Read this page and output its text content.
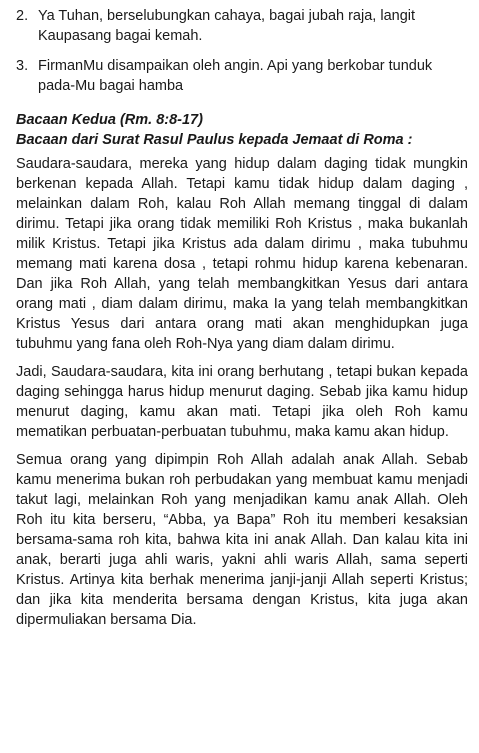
2. Ya Tuhan, berselubungkan cahaya, bagai jubah raja, langit Kaupasang bagai kemah.
3. FirmanMu disampaikan oleh angin. Api yang berkobar tunduk pada-Mu bagai hamba
Bacaan Kedua (Rm. 8:8-17)
Bacaan dari Surat Rasul Paulus kepada Jemaat di Roma :

Saudara-saudara, mereka yang hidup dalam daging tidak mungkin berkenan kepada Allah. Tetapi kamu tidak hidup dalam daging , melainkan dalam Roh, kalau Roh Allah memang tinggal di dalam dirimu. Tetapi jika orang tidak memiliki Roh Kristus , maka bukanlah milik Kristus. Tetapi jika Kristus ada dalam dirimu , maka tubuhmu memang mati karena dosa , tetapi rohmu hidup karena kebenaran. Dan jika Roh Allah, yang telah membangkitkan Yesus dari antara orang mati , diam dalam dirimu, maka Ia yang telah membangkitkan Kristus Yesus dari antara orang mati akan menghidupkan juga tubuhmu yang fana oleh Roh-Nya yang diam dalam dirimu.

Jadi, Saudara-saudara, kita ini orang berhutang , tetapi bukan kepada daging sehingga harus hidup menurut daging. Sebab jika kamu hidup menurut daging, kamu akan mati. Tetapi jika oleh Roh kamu mematikan perbuatan-perbuatan tubuhmu, maka kamu akan hidup.

Semua orang yang dipimpin Roh Allah adalah anak Allah. Sebab kamu menerima bukan roh perbudakan yang membuat kamu menjadi takut lagi, melainkan Roh yang menjadikan kamu anak Allah. Oleh Roh itu kita berseru, “Abba, ya Bapa” Roh itu memberi kesaksian bersama-sama roh kita, bahwa kita ini anak Allah. Dan kalau kita ini anak, berarti juga ahli waris, yakni ahli waris Allah, sama seperti Kristus. Artinya kita berhak menerima janji-janji Allah seperti Kristus; dan jika kita menderita bersama dengan Kristus, kita juga akan dipermuliakan bersama Dia.
